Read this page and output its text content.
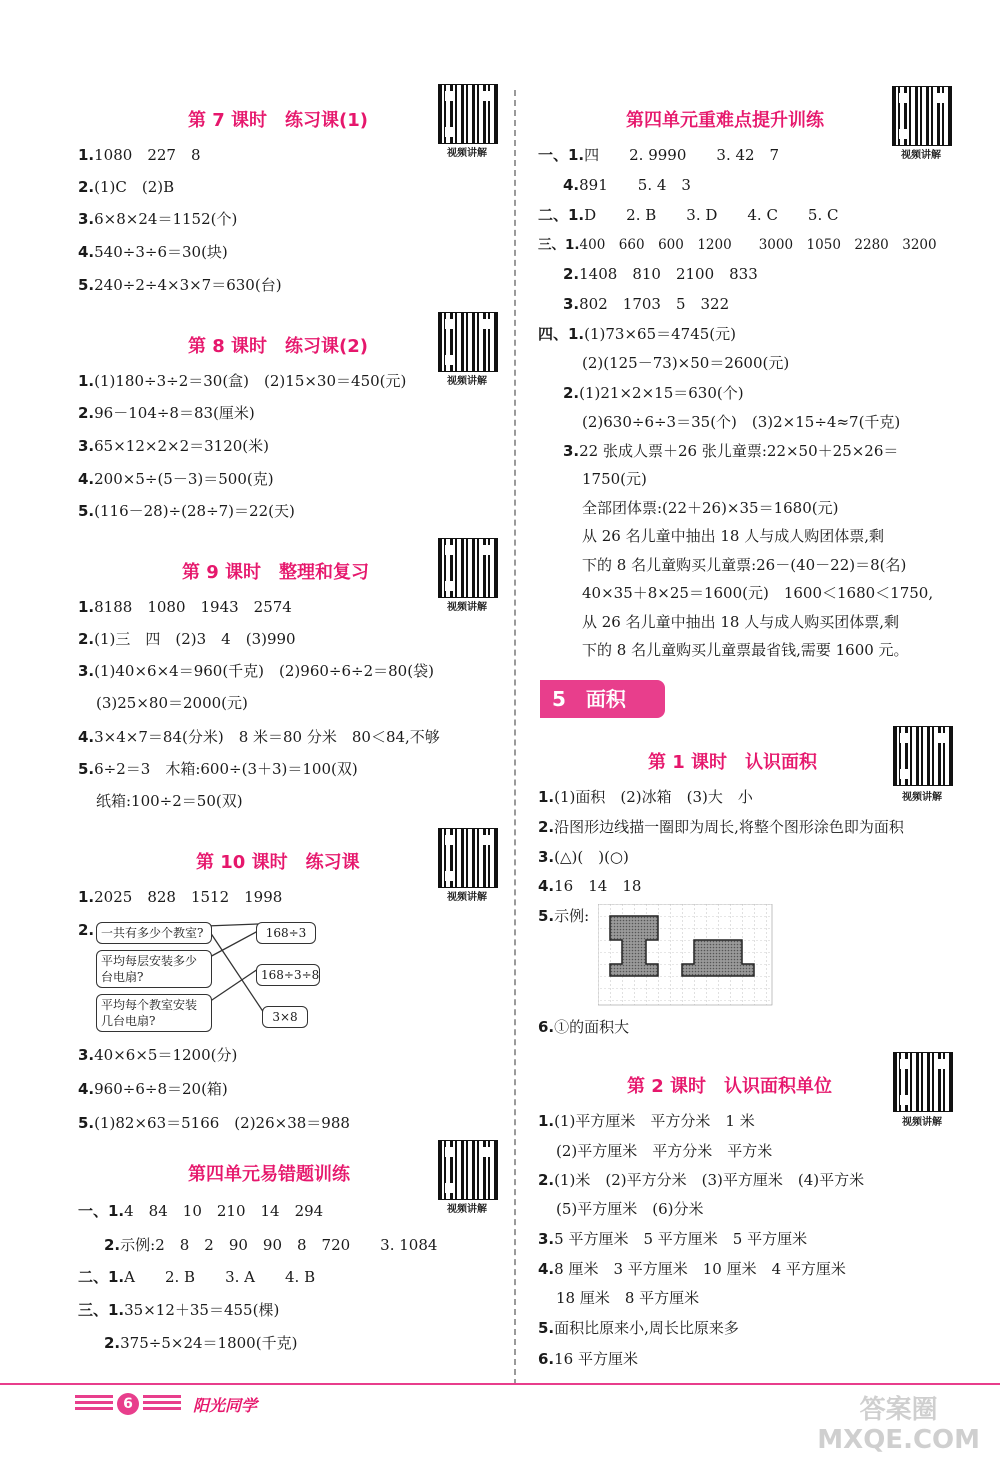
第 7 课时　练习课(1)
视频讲解
1.1080　227　8
2.(1)C　(2)B
3.6×8×24＝1152(个)
4.540÷3÷6＝30(块)
5.240÷2÷4×3×7＝630(台)
第 8 课时　练习课(2)
视频讲解
1.(1)180÷3÷2＝30(盒)　(2)15×30＝450(元)
2.96－104÷8＝83(厘米)
3.65×12×2×2＝3120(米)
4.200×5÷(5－3)＝500(克)
5.(116－28)÷(28÷7)＝22(天)
第 9 课时　整理和复习
视频讲解
1.8188　1080　1943　2574
2.(1)三　四　(2)3　4　(3)990
3.(1)40×6×4＝960(千克)　(2)960÷6÷2＝80(袋)
(3)25×80＝2000(元)
4.3×4×7＝84(分米)　8 米＝80 分米　80＜84,不够
5.6÷2＝3　木箱:600÷(3＋3)＝100(双)
纸箱:100÷2＝50(双)
第 10 课时　练习课
视频讲解
1.2025　828　1512　1998
2. 一共有多少个教室?
平均每层安装多少台电扇?
平均每个教室安装几台电扇?
168÷3
168÷3÷8
3×8
3.40×6×5＝1200(分)
4.960÷6÷8＝20(箱)
5.(1)82×63＝5166　(2)26×38＝988
第四单元易错题训练
视频讲解
一、1.4　84　10　210　14　294
2.示例:2　8　2　90　90　8　720　　3. 1084
二、1.A　　2. B　　3. A　　4. B
三、1.35×12＋35＝455(棵)
2.375÷5×24＝1800(千克)
第四单元重难点提升训练
视频讲解
一、1.四　　2. 9990　　3. 42　7
4.891　　5. 4　3
二、1.D　　2. B　　3. D　　4. C　　5. C
三、1.400　660　600　1200　　3000　1050　2280　3200
2.1408　810　2100　833
3.802　1703　5　322
四、1.(1)73×65＝4745(元)
(2)(125－73)×50＝2600(元)
2.(1)21×2×15＝630(个)
(2)630÷6÷3＝35(个)　(3)2×15÷4≈7(千克)
3.22 张成人票＋26 张儿童票:22×50＋25×26＝
1750(元)
全部团体票:(22＋26)×35＝1680(元)
从 26 名儿童中抽出 18 人与成人购团体票,剩
下的 8 名儿童购买儿童票:26－(40－22)＝8(名)
40×35＋8×25＝1600(元)　1600＜1680＜1750,
从 26 名儿童中抽出 18 人与成人购买团体票,剩
下的 8 名儿童购买儿童票最省钱,需要 1600 元。
5　面积
第 1 课时　认识面积
视频讲解
1.(1)面积　(2)冰箱　(3)大　小
2.沿图形边线描一圈即为周长,将整个图形涂色即为面积
3.(△)(　)(○)
4.16　14　18
5.示例:
6.①的面积大
第 2 课时　认识面积单位
视频讲解
1.(1)平方厘米　平方分米　1 米
(2)平方厘米　平方分米　平方米
2.(1)米　(2)平方分米　(3)平方厘米　(4)平方米
(5)平方厘米　(6)分米
3.5 平方厘米　5 平方厘米　5 平方厘米
4.8 厘米　3 平方厘米　10 厘米　4 平方厘米
18 厘米　8 平方厘米
5.面积比原来小,周长比原来多
6.16 平方厘米
6	阳光同学	答案圈
MXQE.COM
